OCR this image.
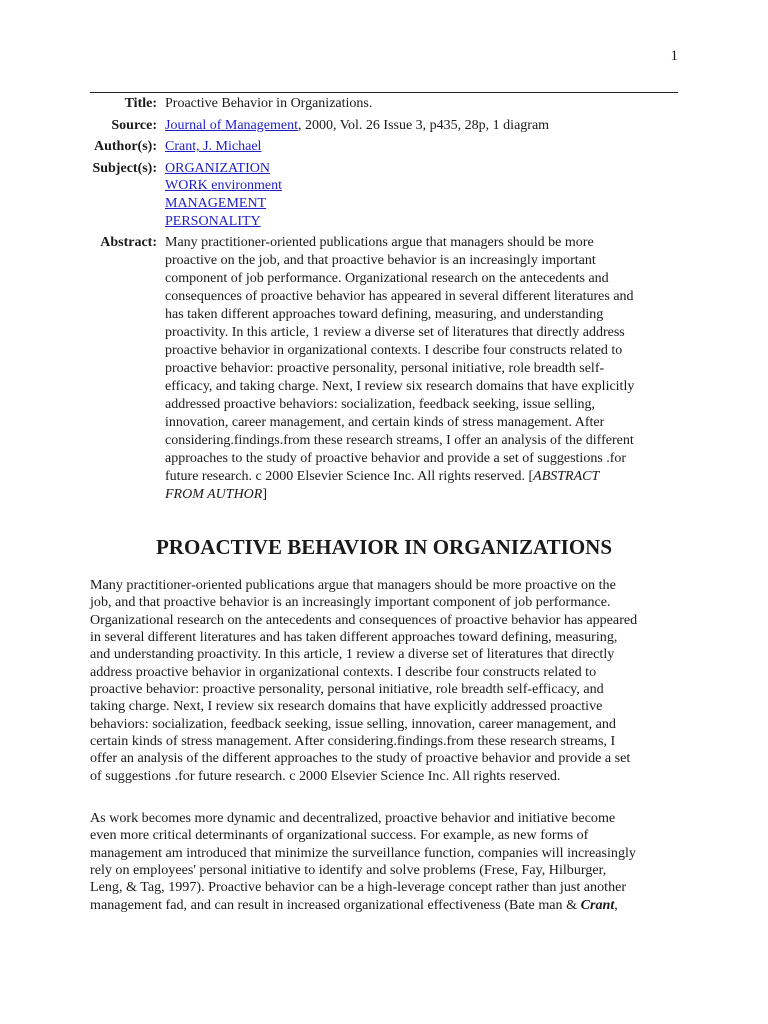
1
Title: Proactive Behavior in Organizations.
Source: Journal of Management, 2000, Vol. 26 Issue 3, p435, 28p, 1 diagram
Author(s): Crant, J. Michael
Subject(s): ORGANIZATION
WORK environment
MANAGEMENT
PERSONALITY
Abstract: Many practitioner-oriented publications argue that managers should be more
proactive on the job, and that proactive behavior is an increasingly important
component of job performance. Organizational research on the antecedents and
consequences of proactive behavior has appeared in several different literatures and
has taken different approaches toward defining, measuring, and understanding
proactivity. In this article, 1 review a diverse set of literatures that directly address
proactive behavior in organizational contexts. I describe four constructs related to
proactive behavior: proactive personality, personal initiative, role breadth self-
efficacy, and taking charge. Next, I review six research domains that have explicitly
addressed proactive behaviors: socialization, feedback seeking, issue selling,
innovation, career management, and certain kinds of stress management. After
considering.findings.from these research streams, I offer an analysis of the different
approaches to the study of proactive behavior and provide a set of suggestions .for
future research. c 2000 Elsevier Science Inc. All rights reserved. [ABSTRACT
FROM AUTHOR]
PROACTIVE BEHAVIOR IN ORGANIZATIONS
Many practitioner-oriented publications argue that managers should be more proactive on the
job, and that proactive behavior is an increasingly important component of job performance.
Organizational research on the antecedents and consequences of proactive behavior has appeared
in several different literatures and has taken different approaches toward defining, measuring,
and understanding proactivity. In this article, 1 review a diverse set of literatures that directly
address proactive behavior in organizational contexts. I describe four constructs related to
proactive behavior: proactive personality, personal initiative, role breadth self-efficacy, and
taking charge. Next, I review six research domains that have explicitly addressed proactive
behaviors: socialization, feedback seeking, issue selling, innovation, career management, and
certain kinds of stress management. After considering.findings.from these research streams, I
offer an analysis of the different approaches to the study of proactive behavior and provide a set
of suggestions .for future research. c 2000 Elsevier Science Inc. All rights reserved.
As work becomes more dynamic and decentralized, proactive behavior and initiative become
even more critical determinants of organizational success. For example, as new forms of
management am introduced that minimize the surveillance function, companies will increasingly
rely on employees' personal initiative to identify and solve problems (Frese, Fay, Hilburger,
Leng, & Tag, 1997). Proactive behavior can be a high-leverage concept rather than just another
management fad, and can result in increased organizational effectiveness (Bate man & Crant,
